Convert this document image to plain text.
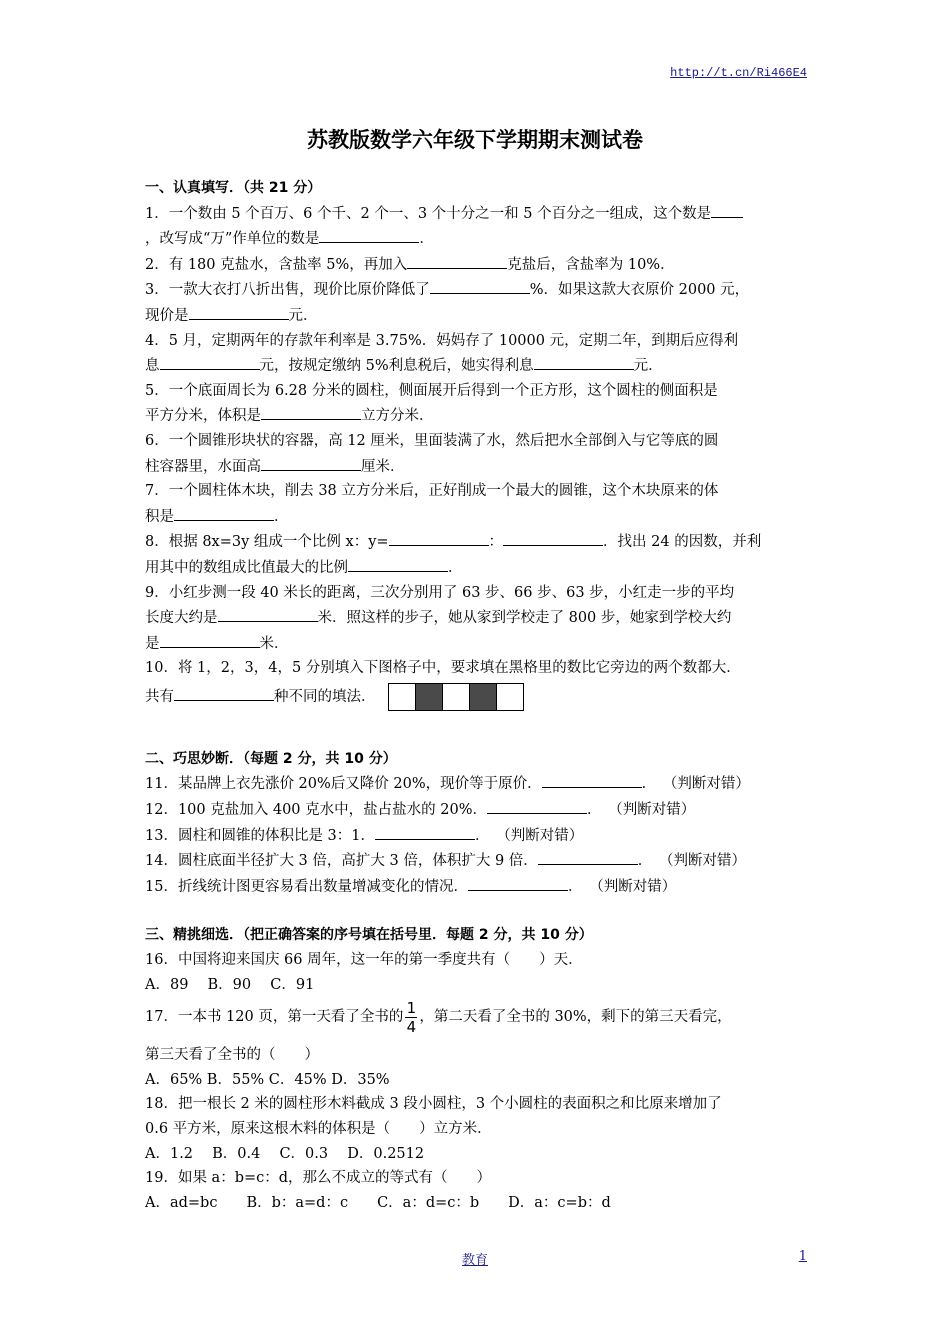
http://t.cn/Ri466E4
苏教版数学六年级下学期期末测试卷
一、认真填写．（共 21 分）
1．一个数由 5 个百万、6 个千、2 个一、3 个十分之一和 5 个百分之一组成，这个数是
，改写成“万”作单位的数是	．
2．有 180 克盐水，含盐率 5%，再加入	克盐后，含盐率为 10%．
3．一款大衣打八折出售，现价比原价降低了	%．如果这款大衣原价 2000 元，
现价是	元．
4．5 月，定期两年的存款年利率是 3.75%．妈妈存了 10000 元，定期二年，到期后应得利
息	元，按规定缴纳 5%利息税后，她实得利息	元．
5．一个底面周长为 6.28 分米的圆柱，侧面展开后得到一个正方形，这个圆柱的侧面积是
平方分米，体积是	立方分米．
6．一个圆锥形块状的容器，高 12 厘米，里面装满了水，然后把水全部倒入与它等底的圆
柱容器里，水面高	厘米．
7．一个圆柱体木块，削去 38 立方分米后，正好削成一个最大的圆锥，这个木块原来的体
积是	．
8．根据 8x=3y 组成一个比例 x：y=	：	．找出 24 的因数，并利
用其中的数组成比值最大的比例	．
9．小红步测一段 40 米长的距离，三次分别用了 63 步、66 步、63 步，小红走一步的平均
长度大约是	米．照这样的步子，她从家到学校走了 800 步，她家到学校大约
是	米．
10．将 1，2，3，4，5 分别填入下图格子中，要求填在黑格里的数比它旁边的两个数都大．

共有	种不同的填法．
二、巧思妙断．（每题 2 分，共 10 分）
11．某品牌上衣先涨价 20%后又降价 20%，现价等于原价．	． （判断对错）
12．100 克盐加入 400 克水中，盐占盐水的 20%．	． （判断对错）
13．圆柱和圆锥的体积比是 3：1．	． （判断对错）
14．圆柱底面半径扩大 3 倍，高扩大 3 倍，体积扩大 9 倍．	． （判断对错）
15．折线统计图更容易看出数量增减变化的情况．	． （判断对错）
三、精挑细选．（把正确答案的序号填在括号里．每题 2 分，共 10 分）
16．中国将迎来国庆 66 周年，这一年的第一季度共有（　　）天．
A．89　 B．90　 C．91
17．一本书 120 页，第一天看了全书的 $\frac{1}{4}$ ，第二天看了全书的 30%，剩下的第三天看完，
第三天看了全书的（　　）
A．65% B．55% C．45% D．35%
18．把一根长 2 米的圆柱形木料截成 3 段小圆柱，3 个小圆柱的表面积之和比原来增加了
0.6 平方米，原来这根木料的体积是（　　）立方米．
A．1.2　 B．0.4　 C．0.3　 D．0.2512
19．如果 a：b=c：d，那么不成立的等式有（　　）
A．ad=bc　　B．b：a=d：c　　C．a：d=c：b　　D．a：c=b：d
教育	1
